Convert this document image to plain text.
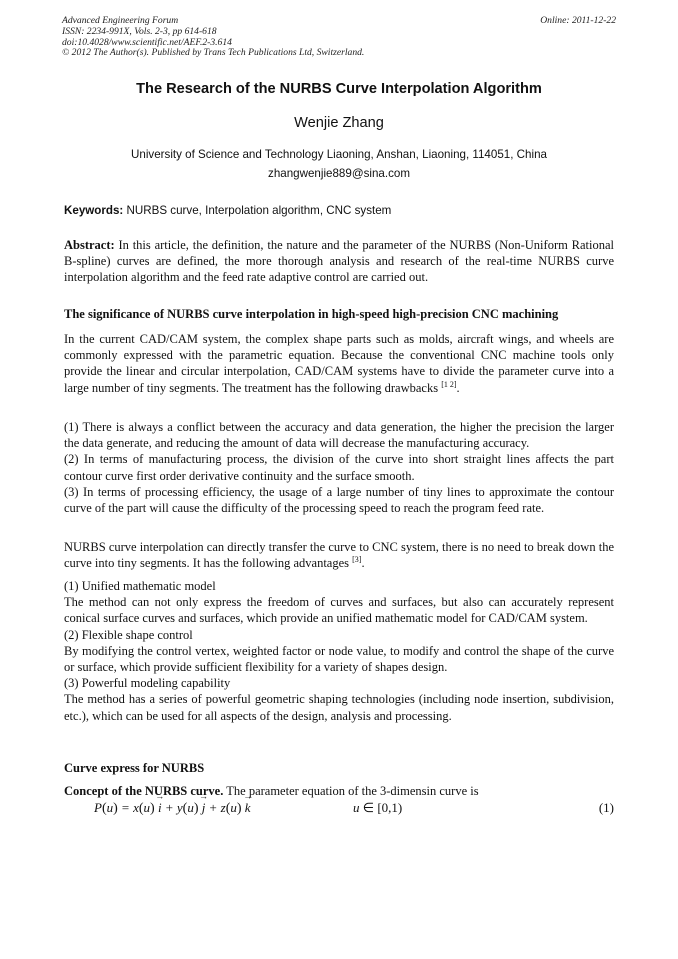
Advanced Engineering Forum
ISSN: 2234-991X, Vols. 2-3, pp 614-618
doi:10.4028/www.scientific.net/AEF.2-3.614
© 2012 The Author(s). Published by Trans Tech Publications Ltd, Switzerland.
Online: 2011-12-22
The Research of the NURBS Curve Interpolation Algorithm
Wenjie Zhang
University of Science and Technology Liaoning, Anshan, Liaoning, 114051, China
zhangwenjie889@sina.com
Keywords: NURBS curve, Interpolation algorithm, CNC system

Abstract: In this article, the definition, the nature and the parameter of the NURBS (Non-Uniform Rational B-spline) curves are defined, the more thorough analysis and research of the real-time NURBS curve interpolation algorithm and the feed rate adaptive control are carried out.

The significance of NURBS curve interpolation in high-speed high-precision CNC machining

In the current CAD/CAM system, the complex shape parts such as molds, aircraft wings, and wheels are commonly expressed with the parametric equation. Because the conventional CNC machine tools only provide the linear and circular interpolation, CAD/CAM systems have to divide the parameter curve into a large number of tiny segments. The treatment has the following drawbacks [1 2].

(1) There is always a conflict between the accuracy and data generation, the higher the precision the larger the data generate, and reducing the amount of data will decrease the manufacturing accuracy.

(2) In terms of manufacturing process, the division of the curve into short straight lines affects the part contour curve first order derivative continuity and the surface smooth.

(3) In terms of processing efficiency, the usage of a large number of tiny lines to approximate the contour curve of the part will cause the difficulty of the processing speed to reach the program feed rate.

NURBS curve interpolation can directly transfer the curve to CNC system, there is no need to break down the curve into tiny segments. It has the following advantages [3].

(1) Unified mathematic model

The method can not only express the freedom of curves and surfaces, but also can accurately represent conical surface curves and surfaces, which provide an unified mathematic model for CAD/CAM system.

(2) Flexible shape control

By modifying the control vertex, weighted factor or node value, to modify and control the shape of the curve or surface, which provide sufficient flexibility for a variety of shapes design.

(3) Powerful modeling capability

The method has a series of powerful geometric shaping technologies (including node insertion, subdivision, etc.), which can be used for all aspects of the design, analysis and processing.

Curve express for NURBS
Concept of the NURBS curve. The parameter equation of the 3-dimensin curve is
P(u) = x(u) → i + y(u) → j + z(u) → k	u ∈ [0,1)	(1)
